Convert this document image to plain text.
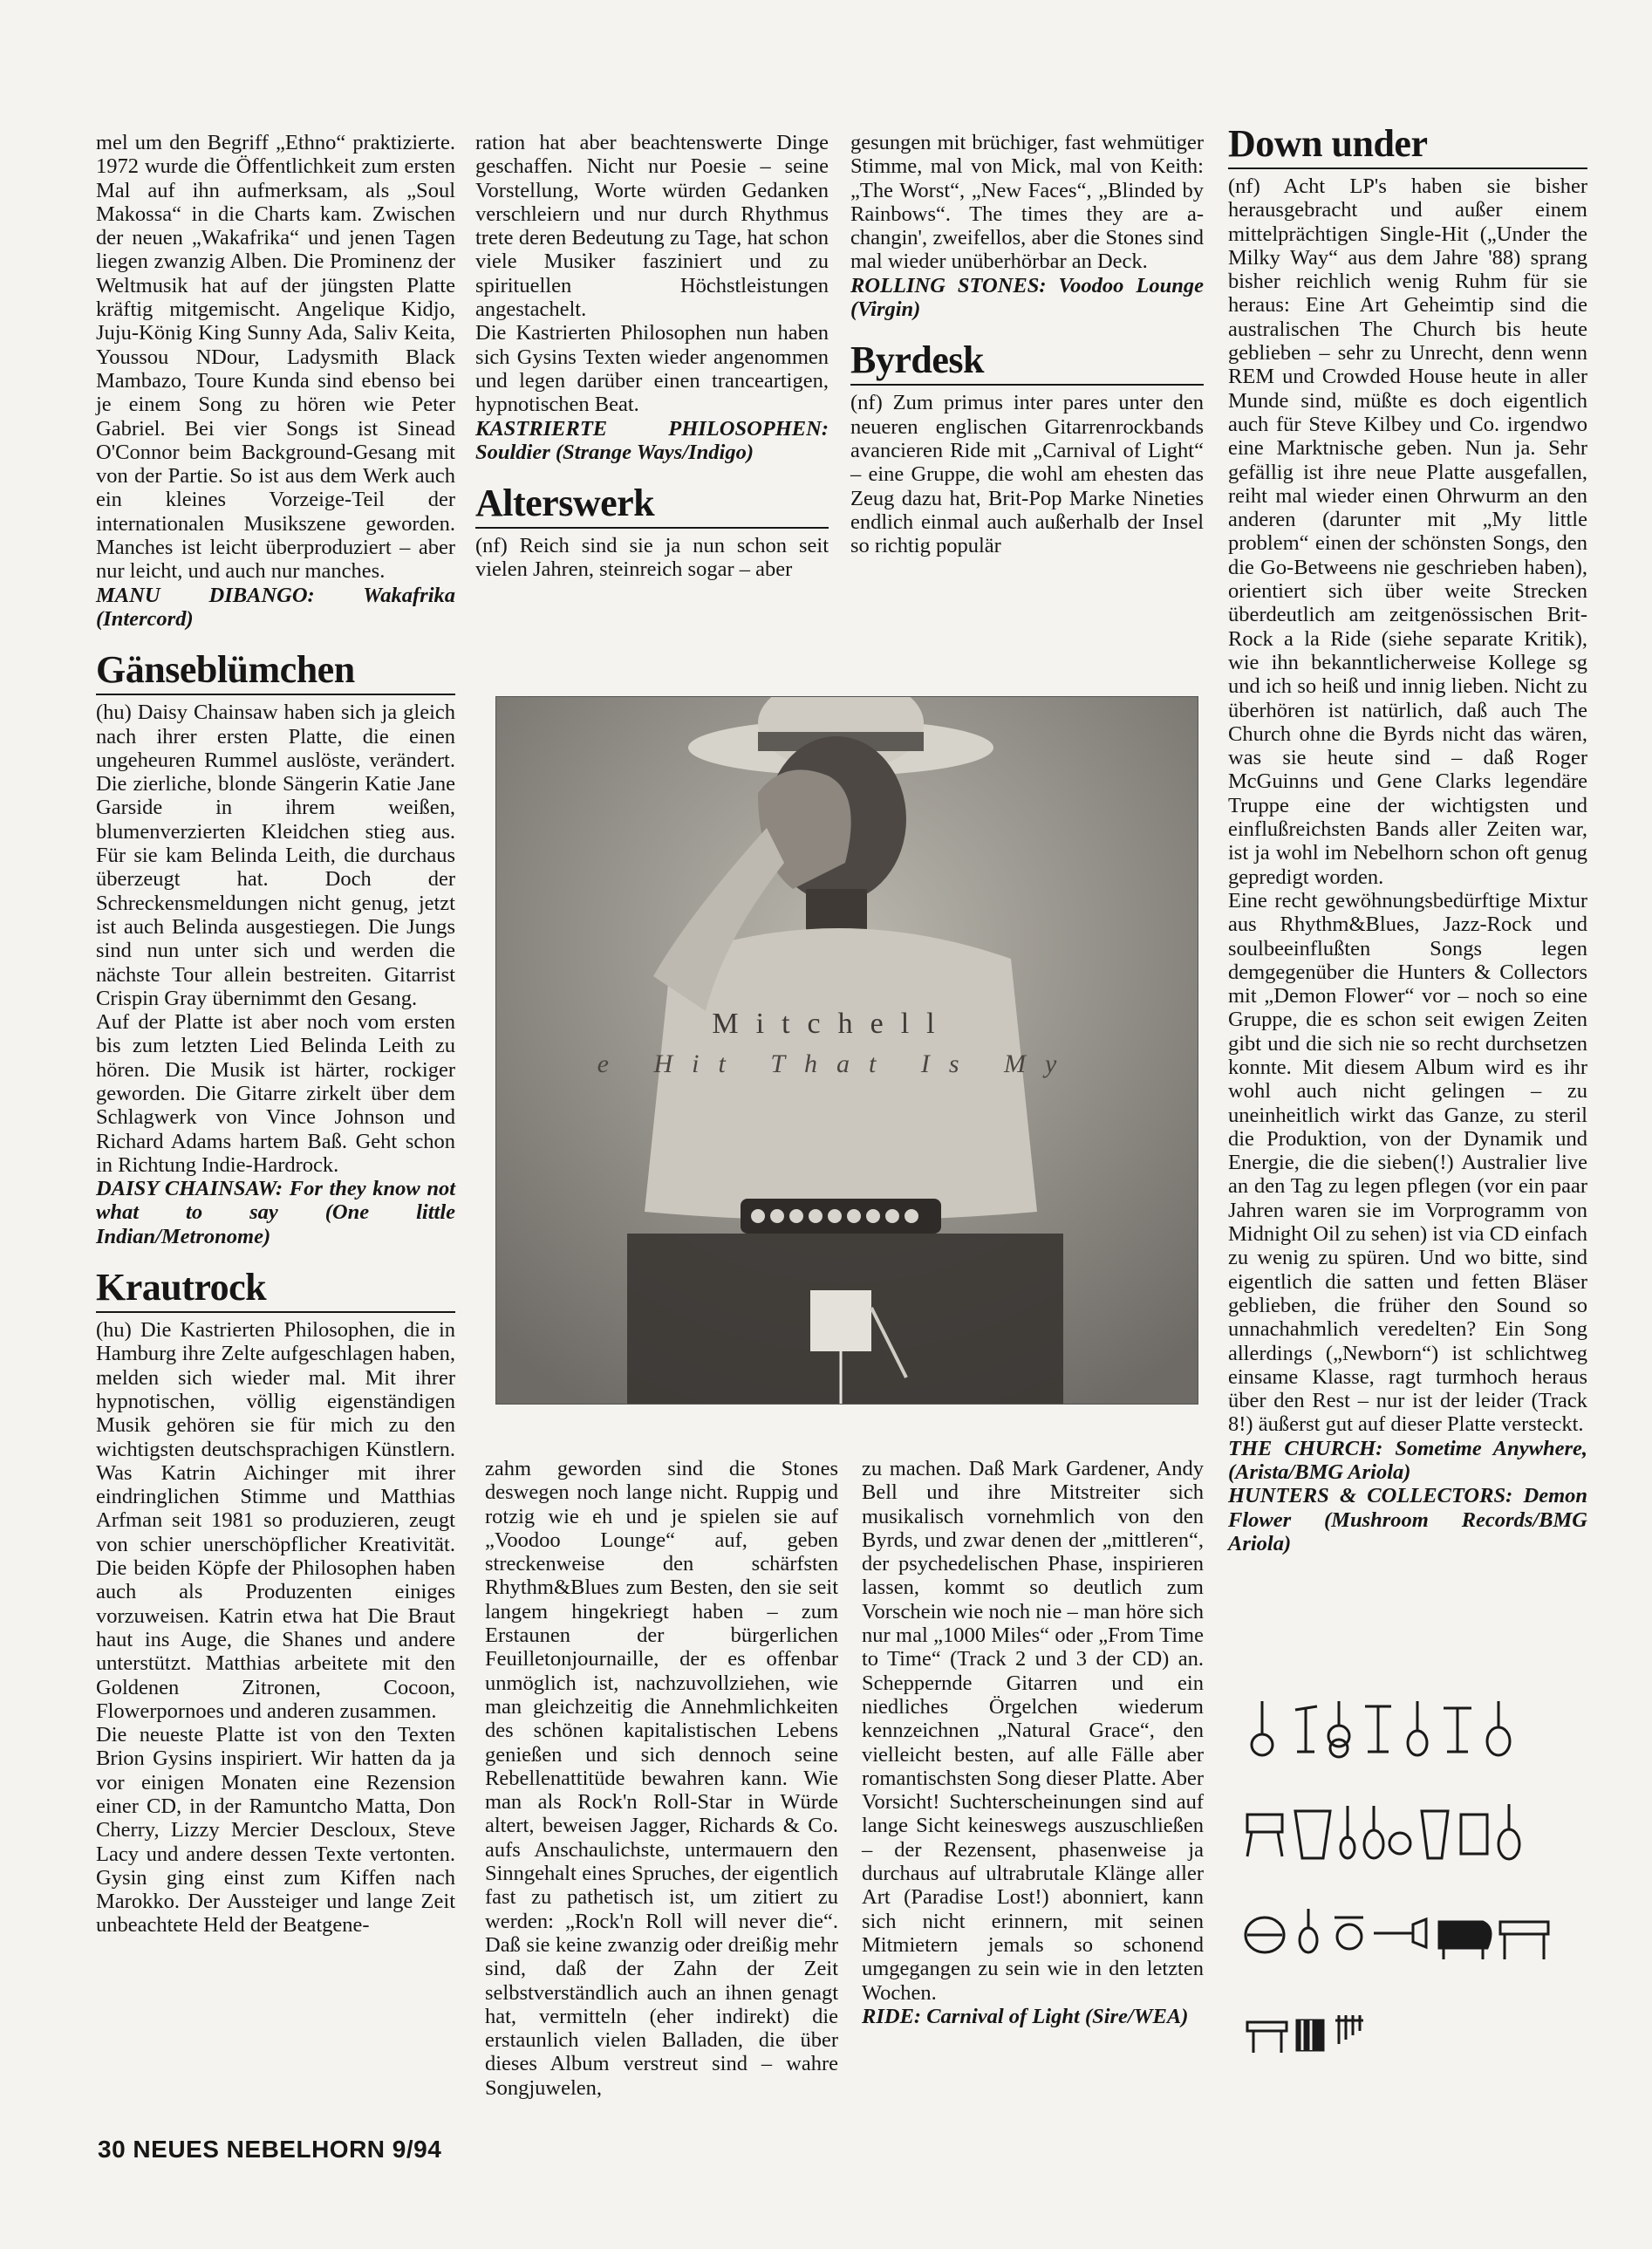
mel um den Begriff „Ethno“ praktizierte. 1972 wurde die Öffentlichkeit zum ersten Mal auf ihn aufmerksam, als „Soul Makossa“ in die Charts kam. Zwischen der neuen „Wakafrika“ und jenen Tagen liegen zwanzig Alben. Die Prominenz der Weltmusik hat auf der jüngsten Platte kräftig mitgemischt. Angelique Kidjo, Juju-König King Sunny Ada, Saliv Keita, Youssou NDour, Ladysmith Black Mambazo, Toure Kunda sind ebenso bei je einem Song zu hören wie Peter Gabriel. Bei vier Songs ist Sinead O'Connor beim Background-Gesang mit von der Partie. So ist aus dem Werk auch ein kleines Vorzeige-Teil der internationalen Musikszene geworden. Manches ist leicht überproduziert – aber nur leicht, und auch nur manches.

MANU DIBANGO: Wakafrika (Intercord)

Gänseblümchen

(hu) Daisy Chainsaw haben sich ja gleich nach ihrer ersten Platte, die einen ungeheuren Rummel auslöste, verändert. Die zierliche, blonde Sängerin Katie Jane Garside in ihrem weißen, blumenverzierten Kleidchen stieg aus. Für sie kam Belinda Leith, die durchaus überzeugt hat. Doch der Schreckensmeldungen nicht genug, jetzt ist auch Belinda ausgestiegen. Die Jungs sind nun unter sich und werden die nächste Tour allein bestreiten. Gitarrist Crispin Gray übernimmt den Gesang.

Auf der Platte ist aber noch vom ersten bis zum letzten Lied Belinda Leith zu hören. Die Musik ist härter, rockiger geworden. Die Gitarre zirkelt über dem Schlagwerk von Vince Johnson und Richard Adams hartem Baß. Geht schon in Richtung Indie-Hardrock.

DAISY CHAINSAW: For they know not what to say (One little Indian/Metronome)

Krautrock

(hu) Die Kastrierten Philosophen, die in Hamburg ihre Zelte aufgeschlagen haben, melden sich wieder mal. Mit ihrer hypnotischen, völlig eigenständigen Musik gehören sie für mich zu den wichtigsten deutschsprachigen Künstlern. Was Katrin Aichinger mit ihrer eindringlichen Stimme und Matthias Arfman seit 1981 so produzieren, zeugt von schier unerschöpflicher Kreativität. Die beiden Köpfe der Philosophen haben auch als Produzenten einiges vorzuweisen. Katrin etwa hat Die Braut haut ins Auge, die Shanes und andere unterstützt. Matthias arbeitete mit den Goldenen Zitronen, Cocoon, Flowerpornoes und anderen zusammen.

Die neueste Platte ist von den Texten Brion Gysins inspiriert. Wir hatten da ja vor einigen Monaten eine Rezension einer CD, in der Ramuntcho Matta, Don Cherry, Lizzy Mercier Descloux, Steve Lacy und andere dessen Texte vertonten. Gysin ging einst zum Kiffen nach Marokko. Der Aussteiger und lange Zeit unbeachtete Held der Beatgene-

ration hat aber beachtenswerte Dinge geschaffen. Nicht nur Poesie – seine Vorstellung, Worte würden Gedanken verschleiern und nur durch Rhythmus trete deren Bedeutung zu Tage, hat schon viele Musiker fasziniert und zu spirituellen Höchstleistungen angestachelt.

Die Kastrierten Philosophen nun haben sich Gysins Texten wieder angenommen und legen darüber einen tranceartigen, hypnotischen Beat.

KASTRIERTE PHILOSOPHEN: Souldier (Strange Ways/Indigo)

Alterswerk

(nf) Reich sind sie ja nun schon seit vielen Jahren, steinreich sogar – aber

gesungen mit brüchiger, fast wehmütiger Stimme, mal von Mick, mal von Keith: „The Worst“, „New Faces“, „Blinded by Rainbows“. The times they are a-changin', zweifellos, aber die Stones sind mal wieder unüberhörbar an Deck.

ROLLING STONES: Voodoo Lounge (Virgin)

Byrdesk

(nf) Zum primus inter pares unter den neueren englischen Gitarrenrockbands avancieren Ride mit „Carnival of Light“ – eine Gruppe, die wohl am ehesten das Zeug dazu hat, Brit-Pop Marke Nineties endlich einmal auch außerhalb der Insel so richtig populär

Mitchell
e Hit That Is My

zahm geworden sind die Stones deswegen noch lange nicht. Ruppig und rotzig wie eh und je spielen sie auf „Voodoo Lounge“ auf, geben streckenweise den schärfsten Rhythm&Blues zum Besten, den sie seit langem hingekriegt haben – zum Erstaunen der bürgerlichen Feuilletonjournaille, der es offenbar unmöglich ist, nachzuvollziehen, wie man gleichzeitig die Annehmlichkeiten des schönen kapitalistischen Lebens genießen und sich dennoch seine Rebellenattitüde bewahren kann. Wie man als Rock'n Roll-Star in Würde altert, beweisen Jagger, Richards & Co. aufs Anschaulichste, untermauern den Sinngehalt eines Spruches, der eigentlich fast zu pathetisch ist, um zitiert zu werden: „Rock'n Roll will never die“. Daß sie keine zwanzig oder dreißig mehr sind, daß der Zahn der Zeit selbstverständlich auch an ihnen genagt hat, vermitteln (eher indirekt) die erstaunlich vielen Balladen, die über dieses Album verstreut sind – wahre Songjuwelen,

zu machen. Daß Mark Gardener, Andy Bell und ihre Mitstreiter sich musikalisch vornehmlich von den Byrds, und zwar denen der „mittleren“, der psychedelischen Phase, inspirieren lassen, kommt so deutlich zum Vorschein wie noch nie – man höre sich nur mal „1000 Miles“ oder „From Time to Time“ (Track 2 und 3 der CD) an. Scheppernde Gitarren und ein niedliches Örgelchen wiederum kennzeichnen „Natural Grace“, den vielleicht besten, auf alle Fälle aber romantischsten Song dieser Platte. Aber Vorsicht! Suchterscheinungen sind auf lange Sicht keineswegs auszuschließen – der Rezensent, phasenweise ja durchaus auf ultrabrutale Klänge aller Art (Paradise Lost!) abonniert, kann sich nicht erinnern, mit seinen Mitmietern jemals so schonend umgegangen zu sein wie in den letzten Wochen.

RIDE: Carnival of Light (Sire/WEA)

Down under

(nf) Acht LP's haben sie bisher herausgebracht und außer einem mittelprächtigen Single-Hit („Under the Milky Way“ aus dem Jahre '88) sprang bisher reichlich wenig Ruhm für sie heraus: Eine Art Geheimtip sind die australischen The Church bis heute geblieben – sehr zu Unrecht, denn wenn REM und Crowded House heute in aller Munde sind, müßte es doch eigentlich auch für Steve Kilbey und Co. irgendwo eine Marktnische geben. Nun ja. Sehr gefällig ist ihre neue Platte ausgefallen, reiht mal wieder einen Ohrwurm an den anderen (darunter mit „My little problem“ einen der schönsten Songs, den die Go-Betweens nie geschrieben haben), orientiert sich über weite Strecken überdeutlich am zeitgenössischen Brit-Rock a la Ride (siehe separate Kritik), wie ihn bekanntlicherweise Kollege sg und ich so heiß und innig lieben. Nicht zu überhören ist natürlich, daß auch The Church ohne die Byrds nicht das wären, was sie heute sind – daß Roger McGuinns und Gene Clarks legendäre Truppe eine der wichtigsten und einflußreichsten Bands aller Zeiten war, ist ja wohl im Nebelhorn schon oft genug gepredigt worden.

Eine recht gewöhnungsbedürftige Mixtur aus Rhythm&Blues, Jazz-Rock und soulbeeinflußten Songs legen demgegenüber die Hunters & Collectors mit „Demon Flower“ vor – noch so eine Gruppe, die es schon seit ewigen Zeiten gibt und die sich nie so recht durchsetzen konnte. Mit diesem Album wird es ihr wohl auch nicht gelingen – zu uneinheitlich wirkt das Ganze, zu steril die Produktion, von der Dynamik und Energie, die die sieben(!) Australier live an den Tag zu legen pflegen (vor ein paar Jahren waren sie im Vorprogramm von Midnight Oil zu sehen) ist via CD einfach zu wenig zu spüren. Und wo bitte, sind eigentlich die satten und fetten Bläser geblieben, die früher den Sound so unnachahmlich veredelten? Ein Song allerdings („Newborn“) ist schlichtweg einsame Klasse, ragt turmhoch heraus über den Rest – nur ist der leider (Track 8!) äußerst gut auf dieser Platte versteckt.

THE CHURCH: Sometime Anywhere, (Arista/BMG Ariola)

HUNTERS & COLLECTORS: Demon Flower (Mushroom Records/BMG Ariola)

30 NEUES NEBELHORN 9/94
